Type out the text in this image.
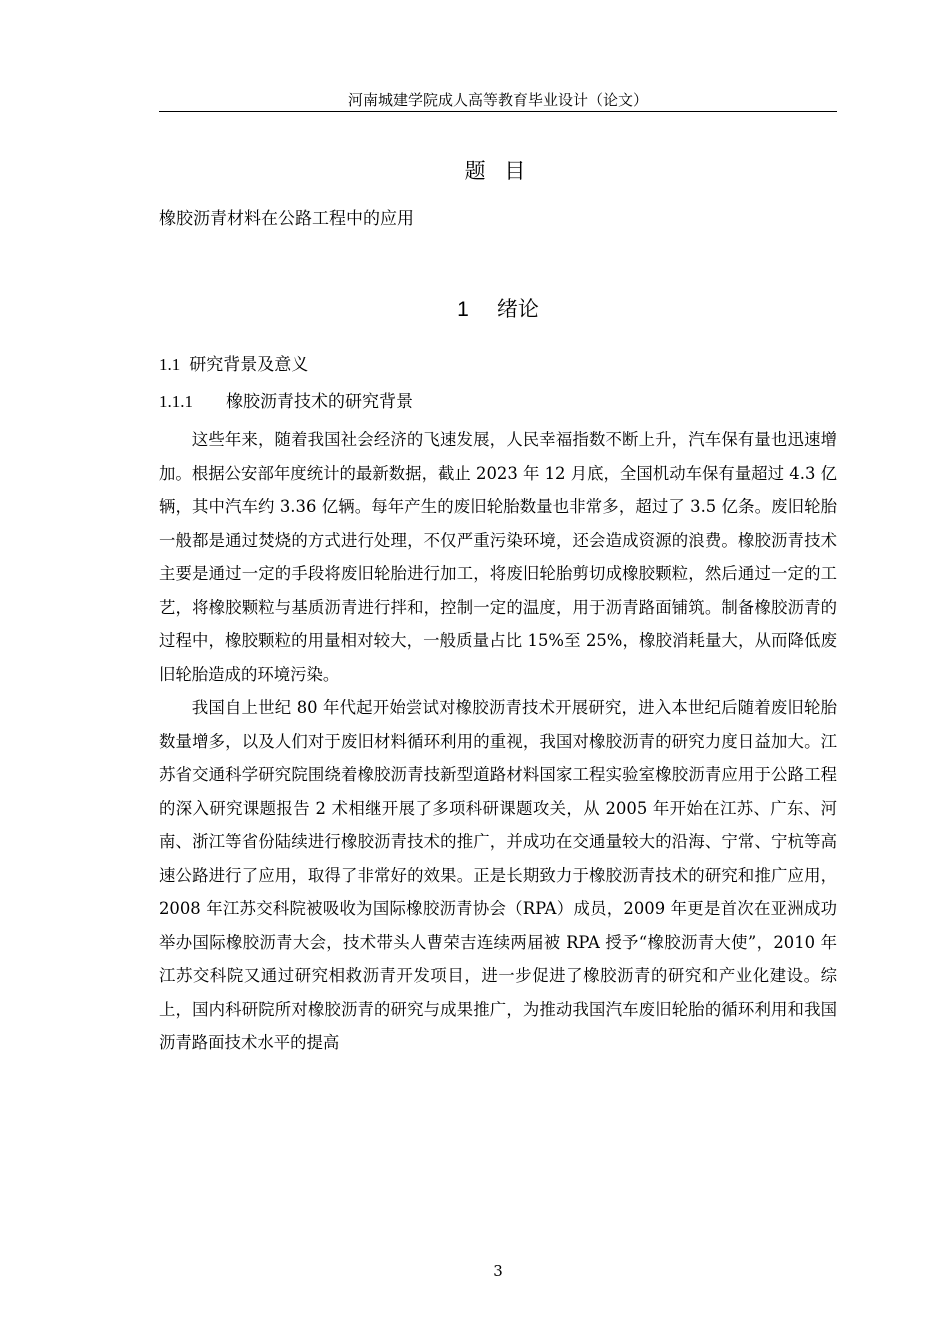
河南城建学院成人高等教育毕业设计（论文）
题 目
橡胶沥青材料在公路工程中的应用
1 绪论
1.1 研究背景及意义
1.1.1 橡胶沥青技术的研究背景

这些年来，随着我国社会经济的飞速发展，人民幸福指数不断上升，汽车保有量也迅速增加。根据公安部年度统计的最新数据，截止 2023 年 12 月底，全国机动车保有量超过 4.3 亿辆，其中汽车约 3.36 亿辆。每年产生的废旧轮胎数量也非常多，超过了 3.5 亿条。废旧轮胎一般都是通过焚烧的方式进行处理，不仅严重污染环境，还会造成资源的浪费。橡胶沥青技术主要是通过一定的手段将废旧轮胎进行加工，将废旧轮胎剪切成橡胶颗粒，然后通过一定的工艺，将橡胶颗粒与基质沥青进行拌和，控制一定的温度，用于沥青路面铺筑。制备橡胶沥青的过程中，橡胶颗粒的用量相对较大，一般质量占比 15%至 25%，橡胶消耗量大，从而降低废旧轮胎造成的环境污染。

我国自上世纪 80 年代起开始尝试对橡胶沥青技术开展研究，进入本世纪后随着废旧轮胎数量增多，以及人们对于废旧材料循环利用的重视，我国对橡胶沥青的研究力度日益加大。江苏省交通科学研究院围绕着橡胶沥青技新型道路材料国家工程实验室橡胶沥青应用于公路工程的深入研究课题报告 2 术相继开展了多项科研课题攻关，从 2005 年开始在江苏、广东、河南、浙江等省份陆续进行橡胶沥青技术的推广，并成功在交通量较大的沿海、宁常、宁杭等高速公路进行了应用，取得了非常好的效果。正是长期致力于橡胶沥青技术的研究和推广应用，2008 年江苏交科院被吸收为国际橡胶沥青协会（RPA）成员，2009 年更是首次在亚洲成功举办国际橡胶沥青大会，技术带头人曹荣吉连续两届被 RPA 授予“橡胶沥青大使”，2010 年江苏交科院又通过研究相救沥青开发项目，进一步促进了橡胶沥青的研究和产业化建设。综上，国内科研院所对橡胶沥青的研究与成果推广，为推动我国汽车废旧轮胎的循环利用和我国沥青路面技术水平的提高

3
